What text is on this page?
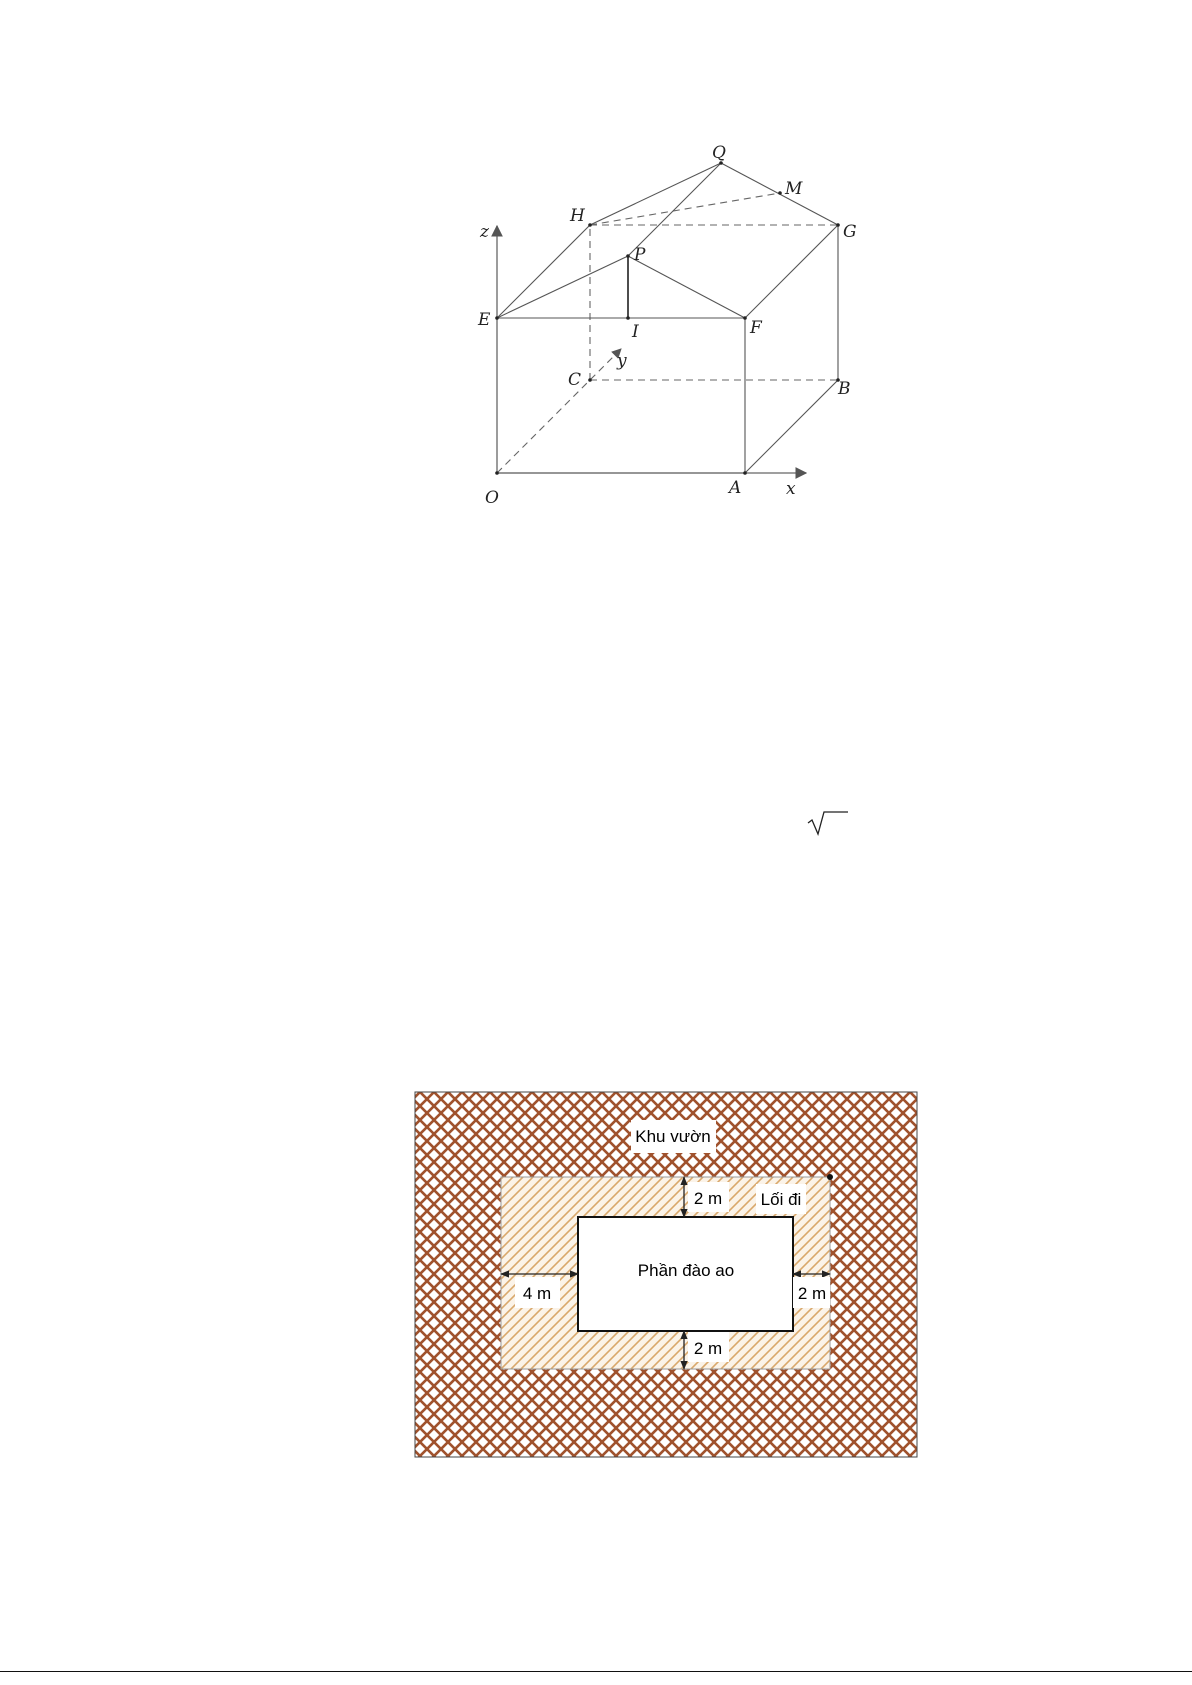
Q
M
H
G
z
P
E
I	F
y
C	B
O	A	x
Khu vườn
Lối đi
Phần đào ao
2 m
4 m	2 m
2 m
